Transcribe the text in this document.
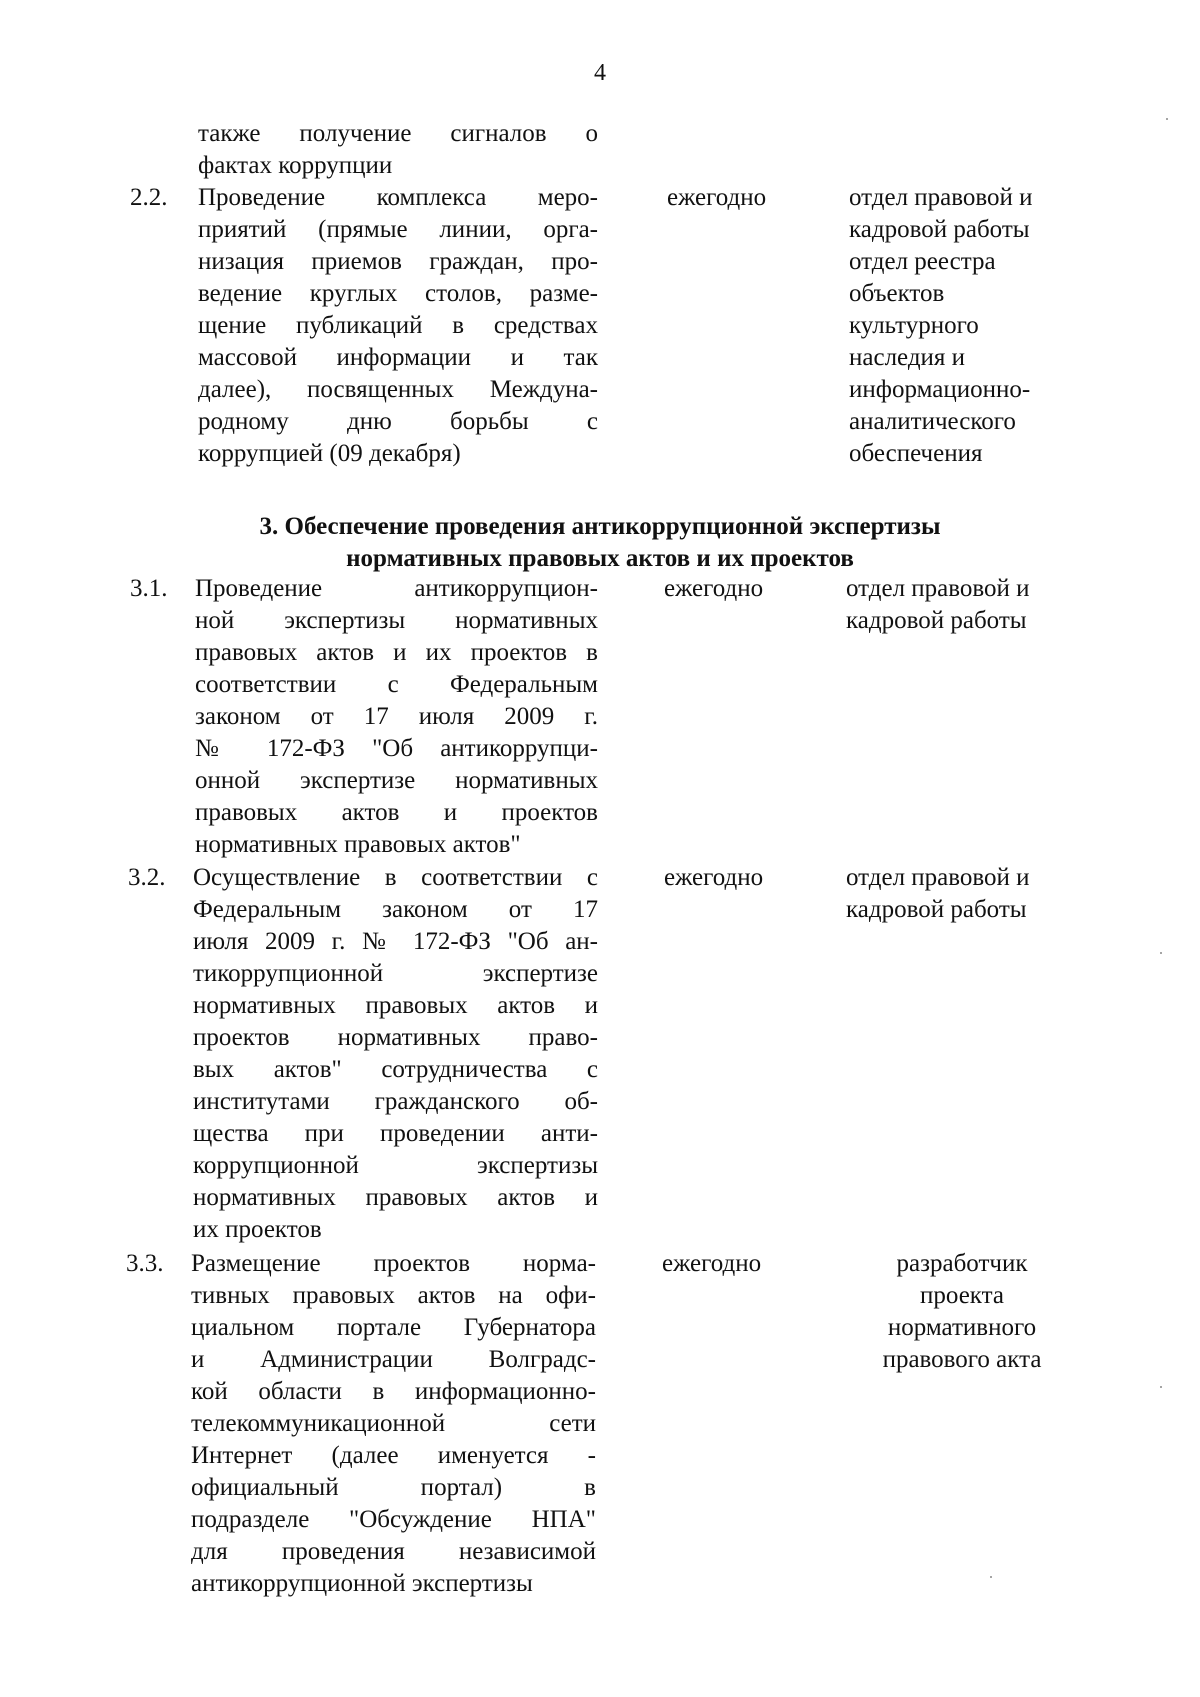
4
также получение сигналов о
фактах коррупции
2.2. Проведение комплекса меро-
приятий (прямые линии, орга-
низация приемов граждан, про-
ведение круглых столов, разме-
щение публикаций в средствах
массовой информации и так
далее), посвященных Междуна-
родному дню борьбы с
коррупцией (09 декабря)
ежегодно	отдел правовой и
кадровой работы
отдел реестра
объектов
культурного
наследия и
информационно-
аналитического
обеспечения
3. Обеспечение проведения антикоррупционной экспертизы
нормативных правовых актов и их проектов
3.1. Проведение антикоррупцион-
ной экспертизы нормативных
правовых актов и их проектов в
соответствии с Федеральным
законом от 17 июля 2009 г.
№ 172-ФЗ "Об антикоррупци-
онной экспертизе нормативных
правовых актов и проектов
нормативных правовых актов"
ежегодно	отдел правовой и
кадровой работы
3.2. Осуществление в соответствии с
Федеральным законом от 17
июля 2009 г. № 172-ФЗ "Об ан-
тикоррупционной экспертизе
нормативных правовых актов и
проектов нормативных право-
вых актов" сотрудничества с
институтами гражданского об-
щества при проведении анти-
коррупционной экспертизы
нормативных правовых актов и
их проектов
ежегодно	отдел правовой и
кадровой работы
3.3. Размещение проектов норма-
тивных правовых актов на офи-
циальном портале Губернатора
и Администрации Волградс-
кой области в информационно-
телекоммуникационной сети
Интернет (далее именуется -
официальный портал) в
подразделе "Обсуждение НПА"
для проведения независимой
антикоррупционной экспертизы
ежегодно	разработчик
проекта
нормативного
правового акта
